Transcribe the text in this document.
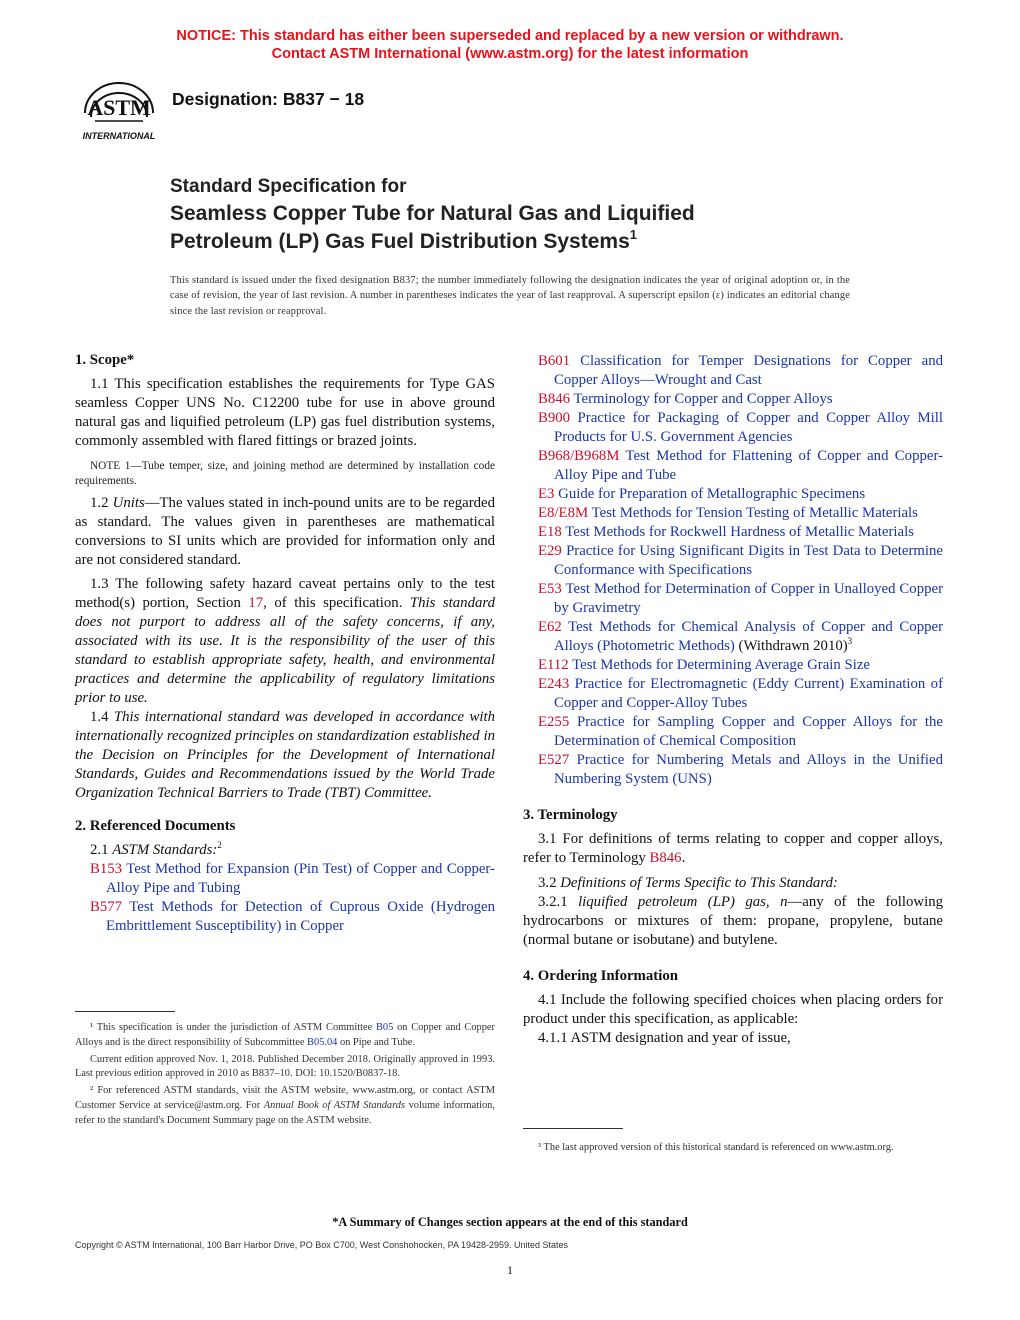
NOTICE: This standard has either been superseded and replaced by a new version or withdrawn.
Contact ASTM International (www.astm.org) for the latest information
ASTM
INTERNATIONAL
Designation: B837 − 18
Standard Specification for
Seamless Copper Tube for Natural Gas and Liquified
Petroleum (LP) Gas Fuel Distribution Systems$^1$
This standard is issued under the fixed designation B837; the number immediately following the designation indicates the year of original adoption or, in the case of revision, the year of last revision. A number in parentheses indicates the year of last reapproval. A superscript epsilon (ε) indicates an editorial change since the last revision or reapproval.
1. Scope*
1.1 This specification establishes the requirements for Type GAS seamless Copper UNS No. C12200 tube for use in above ground natural gas and liquified petroleum (LP) gas fuel distribution systems, commonly assembled with flared fittings or brazed joints.
NOTE 1—Tube temper, size, and joining method are determined by installation code requirements.
1.2 Units—The values stated in inch-pound units are to be regarded as standard. The values given in parentheses are mathematical conversions to SI units which are provided for information only and are not considered standard.
1.3 The following safety hazard caveat pertains only to the test method(s) portion, Section 17, of this specification. This standard does not purport to address all of the safety concerns, if any, associated with its use. It is the responsibility of the user of this standard to establish appropriate safety, health, and environmental practices and determine the applicability of regulatory limitations prior to use.
1.4 This international standard was developed in accordance with internationally recognized principles on standardization established in the Decision on Principles for the Development of International Standards, Guides and Recommendations issued by the World Trade Organization Technical Barriers to Trade (TBT) Committee.
2. Referenced Documents
2.1 ASTM Standards:$^2$
B153 Test Method for Expansion (Pin Test) of Copper and Copper-Alloy Pipe and Tubing
B577 Test Methods for Detection of Cuprous Oxide (Hydrogen Embrittlement Susceptibility) in Copper
¹ This specification is under the jurisdiction of ASTM Committee B05 on Copper and Copper Alloys and is the direct responsibility of Subcommittee B05.04 on Pipe and Tube.
Current edition approved Nov. 1, 2018. Published December 2018. Originally approved in 1993. Last previous edition approved in 2010 as B837–10. DOI: 10.1520/B0837-18.
² For referenced ASTM standards, visit the ASTM website, www.astm.org, or contact ASTM Customer Service at service@astm.org. For Annual Book of ASTM Standards volume information, refer to the standard's Document Summary page on the ASTM website.
B601 Classification for Temper Designations for Copper and Copper Alloys—Wrought and Cast
B846 Terminology for Copper and Copper Alloys
B900 Practice for Packaging of Copper and Copper Alloy Mill Products for U.S. Government Agencies
B968/B968M Test Method for Flattening of Copper and Copper-Alloy Pipe and Tube
E3 Guide for Preparation of Metallographic Specimens
E8/E8M Test Methods for Tension Testing of Metallic Materials
E18 Test Methods for Rockwell Hardness of Metallic Materials
E29 Practice for Using Significant Digits in Test Data to Determine Conformance with Specifications
E53 Test Method for Determination of Copper in Unalloyed Copper by Gravimetry
E62 Test Methods for Chemical Analysis of Copper and Copper Alloys (Photometric Methods) (Withdrawn 2010)$^3$
E112 Test Methods for Determining Average Grain Size
E243 Practice for Electromagnetic (Eddy Current) Examination of Copper and Copper-Alloy Tubes
E255 Practice for Sampling Copper and Copper Alloys for the Determination of Chemical Composition
E527 Practice for Numbering Metals and Alloys in the Unified Numbering System (UNS)
3. Terminology
3.1 For definitions of terms relating to copper and copper alloys, refer to Terminology B846.
3.2 Definitions of Terms Specific to This Standard:
3.2.1 liquified petroleum (LP) gas, n—any of the following hydrocarbons or mixtures of them: propane, propylene, butane (normal butane or isobutane) and butylene.
4. Ordering Information
4.1 Include the following specified choices when placing orders for product under this specification, as applicable:
4.1.1 ASTM designation and year of issue,
³ The last approved version of this historical standard is referenced on www.astm.org.
*A Summary of Changes section appears at the end of this standard
Copyright © ASTM International, 100 Barr Harbor Drive, PO Box C700, West Conshohocken, PA 19428-2959. United States
1
